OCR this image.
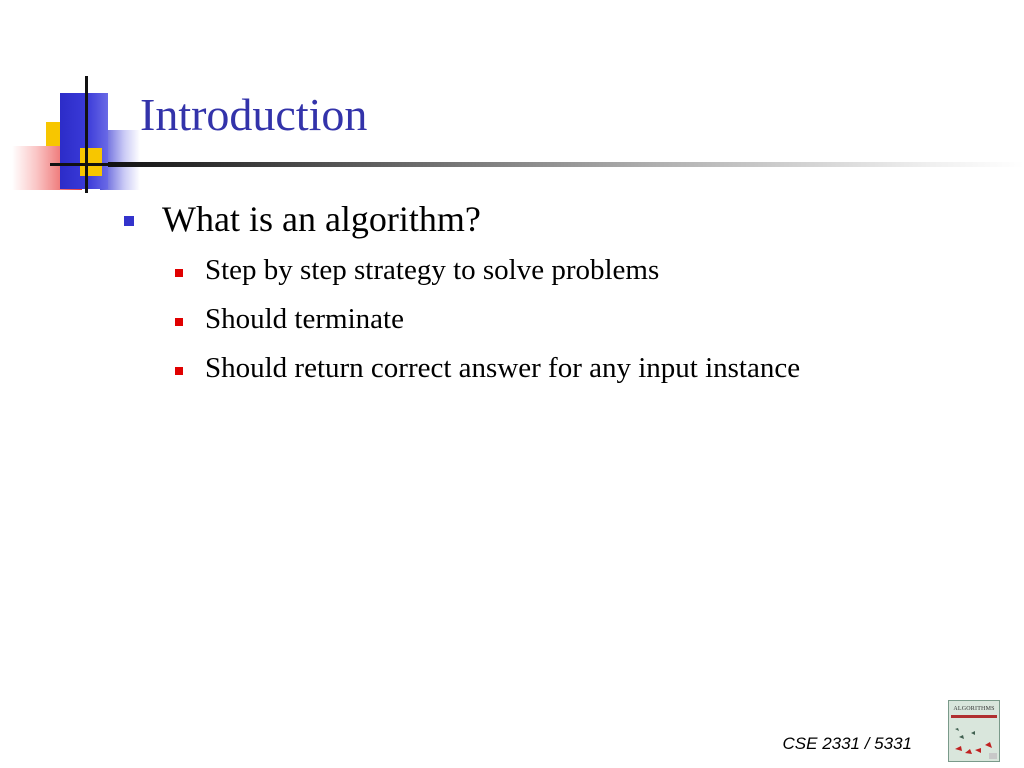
Introduction
What is an algorithm?
Step by step strategy to solve problems
Should terminate
Should return correct answer for any input instance
CSE 2331 / 5331
ALGORITHMS
